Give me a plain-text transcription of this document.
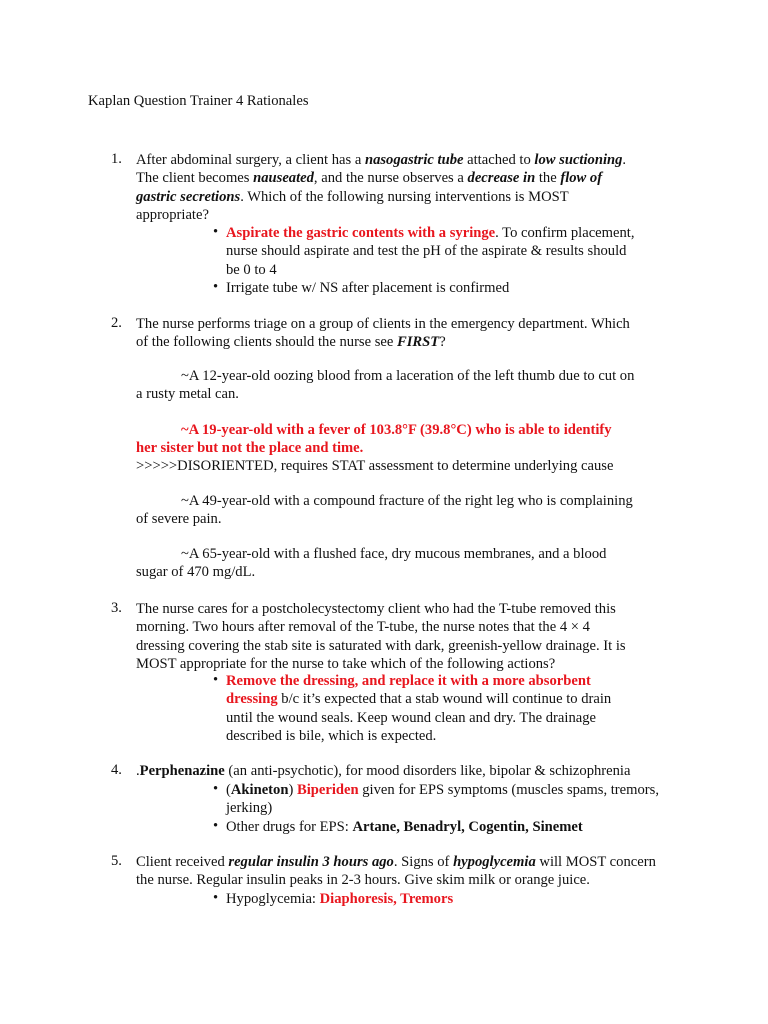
Kaplan Question Trainer 4 Rationales
1. After abdominal surgery, a client has a nasogastric tube attached to low suctioning.
The client becomes nauseated, and the nurse observes a decrease in the flow of
gastric secretions. Which of the following nursing interventions is MOST
appropriate?
• Aspirate the gastric contents with a syringe. To confirm placement,
nurse should aspirate and test the pH of the aspirate & results should
be 0 to 4
• Irrigate tube w/ NS after placement is confirmed
2. The nurse performs triage on a group of clients in the emergency department. Which
of the following clients should the nurse see FIRST?
~A 12-year-old oozing blood from a laceration of the left thumb due to cut on
a rusty metal can.
~A 19-year-old with a fever of 103.8°F (39.8°C) who is able to identify
her sister but not the place and time.
>>>>>DISORIENTED, requires STAT assessment to determine underlying cause
~A 49-year-old with a compound fracture of the right leg who is complaining
of severe pain.
~A 65-year-old with a flushed face, dry mucous membranes, and a blood
sugar of 470 mg/dL.
3. The nurse cares for a postcholecystectomy client who had the T-tube removed this
morning. Two hours after removal of the T-tube, the nurse notes that the 4 × 4
dressing covering the stab site is saturated with dark, greenish-yellow drainage. It is
MOST appropriate for the nurse to take which of the following actions?
• Remove the dressing, and replace it with a more absorbent
dressing b/c it’s expected that a stab wound will continue to drain
until the wound seals. Keep wound clean and dry. The drainage
described is bile, which is expected.
4. .Perphenazine (an anti-psychotic), for mood disorders like, bipolar & schizophrenia
• (Akineton) Biperiden given for EPS symptoms (muscles spams, tremors,
jerking)
• Other drugs for EPS: Artane, Benadryl, Cogentin, Sinemet
5. Client received regular insulin 3 hours ago. Signs of hypoglycemia will MOST concern
the nurse. Regular insulin peaks in 2-3 hours. Give skim milk or orange juice.
• Hypoglycemia: Diaphoresis, Tremors
